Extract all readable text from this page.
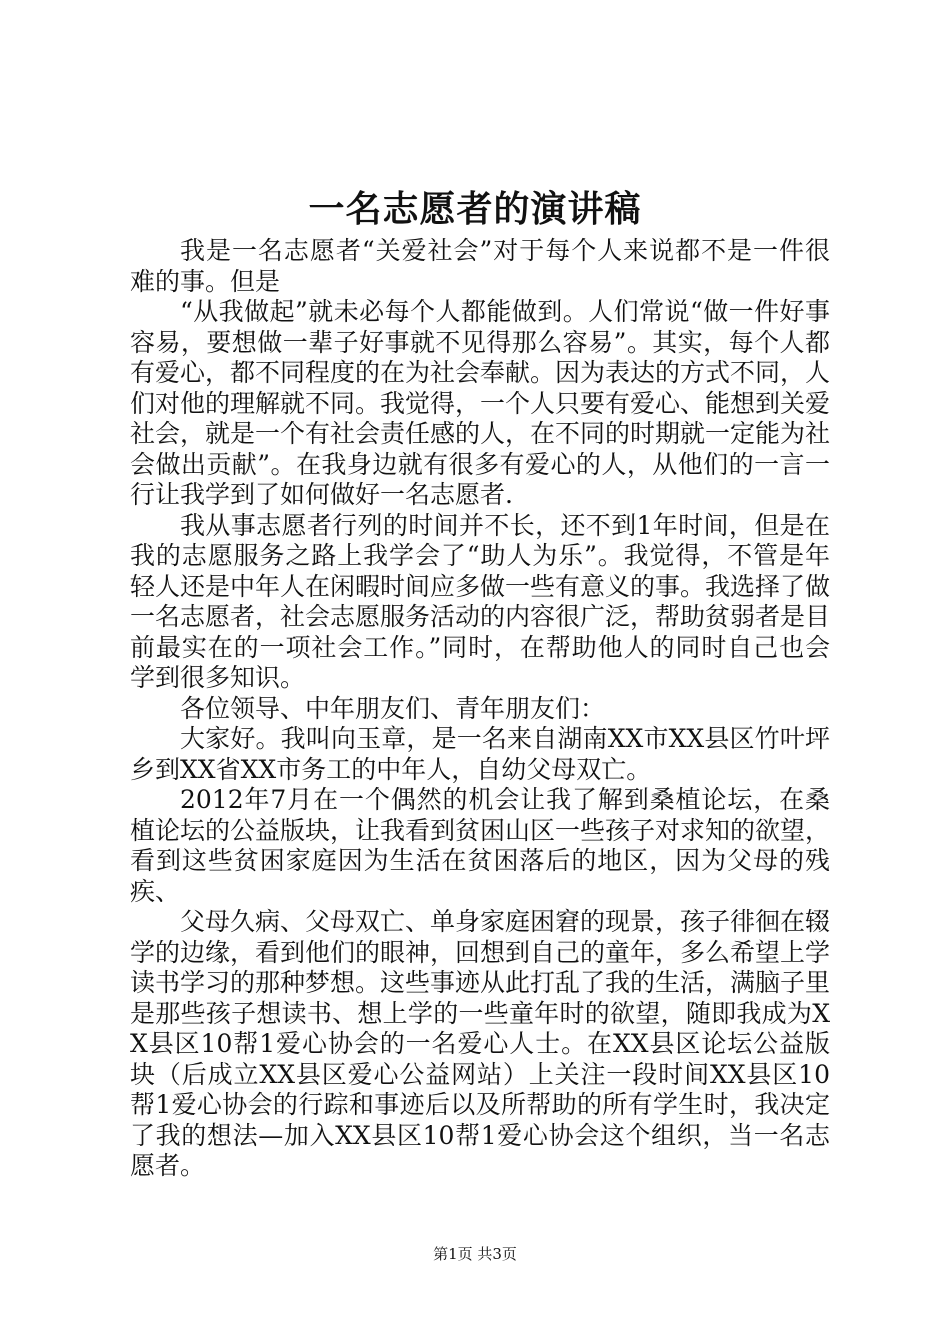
一名志愿者的演讲稿

我是一名志愿者“关爱社会”对于每个人来说都不是一件很难的事。但是

“从我做起”就未必每个人都能做到。人们常说“做一件好事容易，要想做一辈子好事就不见得那么容易”。其实，每个人都有爱心，都不同程度的在为社会奉献。因为表达的方式不同，人们对他的理解就不同。我觉得，一个人只要有爱心、能想到关爱社会，就是一个有社会责任感的人，在不同的时期就一定能为社会做出贡献”。在我身边就有很多有爱心的人，从他们的一言一行让我学到了如何做好一名志愿者.

我从事志愿者行列的时间并不长，还不到1年时间，但是在我的志愿服务之路上我学会了“助人为乐”。我觉得，不管是年轻人还是中年人在闲暇时间应多做一些有意义的事。我选择了做一名志愿者，社会志愿服务活动的内容很广泛，帮助贫弱者是目前最实在的一项社会工作。”同时，在帮助他人的同时自己也会学到很多知识。

各位领导、中年朋友们、青年朋友们：

大家好。我叫向玉章，是一名来自湖南XX市XX县区竹叶坪乡到XX省XX市务工的中年人，自幼父母双亡。

2012年7月在一个偶然的机会让我了解到桑植论坛，在桑植论坛的公益版块，让我看到贫困山区一些孩子对求知的欲望，看到这些贫困家庭因为生活在贫困落后的地区，因为父母的残疾、

父母久病、父母双亡、单身家庭困窘的现景，孩子徘徊在辍学的边缘，看到他们的眼神，回想到自己的童年，多么希望上学读书学习的那种梦想。这些事迹从此打乱了我的生活，满脑子里是那些孩子想读书、想上学的一些童年时的欲望，随即我成为XX县区10帮1爱心协会的一名爱心人士。在XX县区论坛公益版块（后成立XX县区爱心公益网站）上关注一段时间XX县区10帮1爱心协会的行踪和事迹后以及所帮助的所有学生时，我决定了我的想法—加入XX县区10帮1爱心协会这个组织，当一名志愿者。

第1页 共3页
